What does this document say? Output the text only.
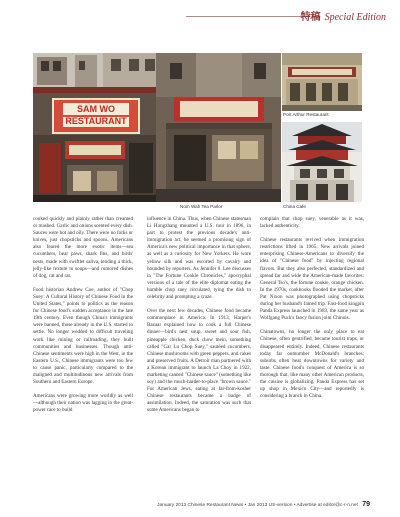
特稿 Special Edition
SAM WO RESTAURANT
Nom Wah Tea Parlor
Port Arthur Restaurant
China Cafe

cooked quickly and plainly rather than creamed or mashed. Garlic and onions scented every dish. Sauces were hot and oily. There were no forks or knives, just chopsticks and spoons. Americans also feared the more exotic items—sea cucumbers, bear paws, shark fins, and birds' nests, made with swiftlet saliva, lending a thick, jelly-like texture to soups—and rumored dishes of dog, cat and rat.

Food historian Andrew Coe, author of "Chop Suey: A Cultural History of Chinese Food in the United States," points to politics as the reason for Chinese food's sudden acceptance in the late 19th century. Even though China's immigrants were banned, those already in the U.S. started to settle. No longer wedded to difficult traveling work like mining or railroading, they built communities and businesses. Though anti-Chinese sentiments were high in the West, in the Eastern U.S., Chinese immigrants were too few to cause panic, particularly compared to the maligned and multitudinous new arrivals from Southern and Eastern Europe.

Americans were growing more worldly as well—although their nation was lagging in the great-power race to build

influence in China. Thus, when Chinese statesman Li Hongzhang mounted a U.S. tour in 1896, in part to protest the previous decade's anti-immigration act, he seemed a promising sign of America's new political importance in that sphere, as well as a curiosity for New Yorkers. He wore yellow silk and was escorted by cavalry and hounded by reporters. As Jennifer 8. Lee discusses in "The Fortune Cookie Chronicles," apocryphal versions of a tale of the elite diplomat eating the humble chop suey circulated, tying the dish to celebrity and prompting a craze.

Over the next few decades, Chinese food became commonplace in America. In 1913, Harper's Bazaar explained how to cook a full Chinese dinner—bird's nest soup, sweet and sour fish, pineapple chicken, duck chow mein, something called "Gar Lu Chop Suey," sautéed cucumbers, Chinese mushrooms with green peppers, and cakes and preserved fruits. A Detroit man partnered with a Korean immigrant to launch La Choy in 1922, marketing canned "Chinese sauce" (something like soy) and the much-harder-to-place "brown sauce." For American Jews, eating at far-from-kosher Chinese restaurants became a badge of assimilation. Indeed, the saturation was such that some Americans began to

complain that chop suey, venerable as it was, lacked authenticity.

Chinese restaurants revived when immigration restrictions lifted in 1965. New arrivals joined enterprising Chinese-Americans to diversify the idea of "Chinese food" by injecting regional flavors. But they also perfected, standardized and spread far and wide the American-made favorites: General Tso's, the fortune cookie, orange chicken. In the 1970s, cookbooks flooded the market, after Pat Nixon was photographed using chopsticks during her husband's famed trip. Fast-food kingpin Panda Express launched in 1983, the same year as Wolfgang Puck's fancy fusion joint Chinois.

Chinatowns, no longer the only place to eat Chinese, often gentrified, became tourist traps, or disappeared entirely. Indeed, Chinese restaurants today far outnumber McDonald's branches; suburbs often beat downtowns for variety and taste. Chinese food's conquest of America is so thorough that, like many other American products, the cuisine is globalizing. Panda Express has set up shop in Mexico City—and reportedly is considering a branch in China.

January 2013 Chinese Restaurant News • Jan 2013 US-version • Advertise at editor@c-r-n.net 79
